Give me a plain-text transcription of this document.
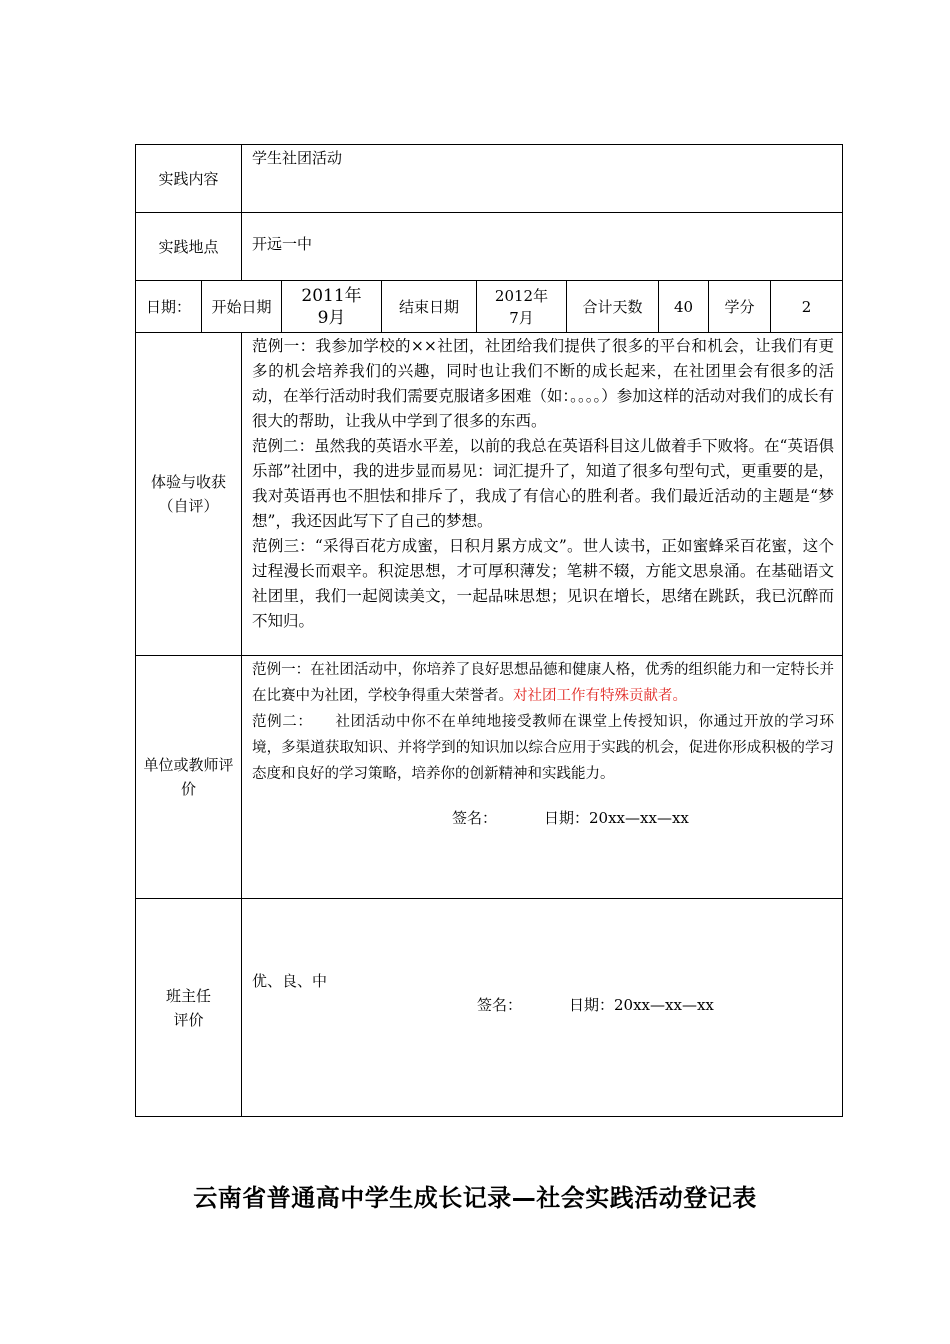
实践内容		学生社团活动							

实践地点		开远一中							

日期：	开始日期		2011年9月	结束日期	2012年7月	合计天数	40	学分	2

体验与收获（自评）		范例一：我参加学校的××社团，社团给我们提供了很多的平台和机会，让我们有更多的机会培养我们的兴趣，同时也让我们不断的成长起来，在社团里会有很多的活动，在举行活动时我们需要克服诸多困难（如：。。。。）参加这样的活动对我们的成长有很大的帮助，让我从中学到了很多的东西。

范例二：虽然我的英语水平差，以前的我总在英语科目这儿做着手下败将。在“英语俱乐部”社团中，我的进步显而易见：词汇提升了，知道了很多句型句式，更重要的是，我对英语再也不胆怯和排斥了，我成了有信心的胜利者。我们最近活动的主题是“梦想”，我还因此写下了自己的梦想。

范例三：“采得百花方成蜜，日积月累方成文”。世人读书，正如蜜蜂采百花蜜，这个过程漫长而艰辛。积淀思想，才可厚积薄发；笔耕不辍，方能文思泉涌。在基础语文社团里，我们一起阅读美文，一起品味思想；见识在增长，思绪在跳跃，我已沉醉而不知归。							

单位或教师评价		范例一：在社团活动中，你培养了良好思想品德和健康人格，优秀的组织能力和一定特长并在比赛中为社团，学校争得重大荣誉者。对社团工作有特殊贡献者。

范例二：　　社团活动中你不在单纯地接受教师在课堂上传授知识，你通过开放的学习环境，多渠道获取知识、并将学到的知识加以综合应用于实践的机会，促进你形成积极的学习态度和良好的学习策略，培养你的创新精神和实践能力。

签名： 日期：20xx—xx—xx							

班主任评价		优、良、中
签名： 日期：20xx—xx—xx							
云南省普通高中学生成长记录—社会实践活动登记表
